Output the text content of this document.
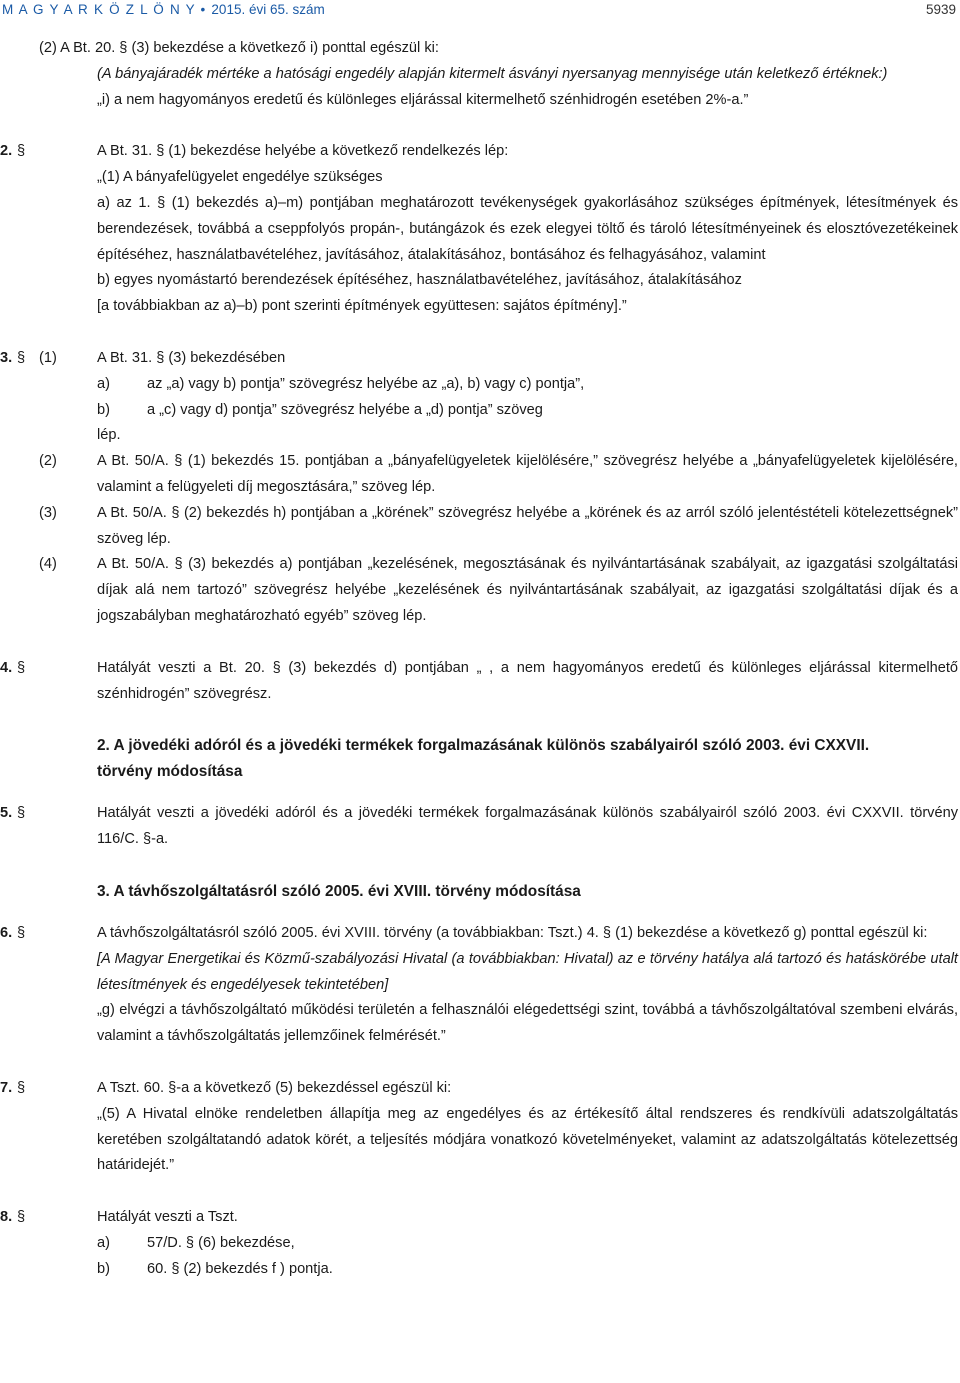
M A G Y A R K Ö Z L Ö N Y • 2015. évi 65. szám	5939

(2) A Bt. 20. § (3) bekezdése a következő i) ponttal egészül ki:

(A bányajáradék mértéke a hatósági engedély alapján kitermelt ásványi nyersanyag mennyisége után keletkező értéknek:)

„i) a nem hagyományos eredetű és különleges eljárással kitermelhető szénhidrogén esetében 2%-a.”

2. §	A Bt. 31. § (1) bekezdése helyébe a következő rendelkezés lép:

„(1) A bányafelügyelet engedélye szükséges

a) az 1. § (1) bekezdés a)–m) pontjában meghatározott tevékenységek gyakorlásához szükséges építmények, létesítmények és berendezések, továbbá a cseppfolyós propán-, butángázok és ezek elegyei töltő és tároló létesítményeinek és elosztóvezetékeinek építéséhez, használatbavételéhez, javításához, átalakításához, bontásához és felhagyásához, valamint

b) egyes nyomástartó berendezések építéséhez, használatbavételéhez, javításához, átalakításához

[a továbbiakban az a)–b) pont szerinti építmények együttesen: sajátos építmény].”

3. § (1)	A Bt. 31. § (3) bekezdésében

a)	az „a) vagy b) pontja” szövegrész helyébe az „a), b) vagy c) pontja”,

b)	a „c) vagy d) pontja” szövegrész helyébe a „d) pontja” szöveg

lép.

(2)	A Bt. 50/A. § (1) bekezdés 15. pontjában a „bányafelügyeletek kijelölésére,” szövegrész helyébe a „bányafelügyeletek kijelölésére, valamint a felügyeleti díj megosztására,” szöveg lép.

(3)	A Bt. 50/A. § (2) bekezdés h) pontjában a „körének” szövegrész helyébe a „körének és az arról szóló jelentéstételi kötelezettségnek” szöveg lép.

(4)	A Bt. 50/A. § (3) bekezdés a) pontjában „kezelésének, megosztásának és nyilvántartásának szabályait, az igazgatási szolgáltatási díjak alá nem tartozó” szövegrész helyébe „kezelésének és nyilvántartásának szabályait, az igazgatási szolgáltatási díjak és a jogszabályban meghatározható egyéb” szöveg lép.

4. §	Hatályát veszti a Bt. 20. § (3) bekezdés d) pontjában „ , a nem hagyományos eredetű és különleges eljárással kitermelhető szénhidrogén” szövegrész.

2. A jövedéki adóról és a jövedéki termékek forgalmazásának különös szabályairól szóló 2003. évi CXXVII. törvény módosítása

5. §	Hatályát veszti a jövedéki adóról és a jövedéki termékek forgalmazásának különös szabályairól szóló 2003. évi CXXVII. törvény 116/C. §-a.

3. A távhőszolgáltatásról szóló 2005. évi XVIII. törvény módosítása

6. §	A távhőszolgáltatásról szóló 2005. évi XVIII. törvény (a továbbiakban: Tszt.) 4. § (1) bekezdése a következő g) ponttal egészül ki:

[A Magyar Energetikai és Közmű-szabályozási Hivatal (a továbbiakban: Hivatal) az e törvény hatálya alá tartozó és hatáskörébe utalt létesítmények és engedélyesek tekintetében]

„g) elvégzi a távhőszolgáltató működési területén a felhasználói elégedettségi szint, továbbá a távhőszolgáltatóval szembeni elvárás, valamint a távhőszolgáltatás jellemzőinek felmérését.”

7. §	A Tszt. 60. §-a a következő (5) bekezdéssel egészül ki:

„(5) A Hivatal elnöke rendeletben állapítja meg az engedélyes és az értékesítő által rendszeres és rendkívüli adatszolgáltatás keretében szolgáltatandó adatok körét, a teljesítés módjára vonatkozó követelményeket, valamint az adatszolgáltatás kötelezettség határidejét.”

8. §	Hatályát veszti a Tszt.

a)	57/D. § (6) bekezdése,

b)	60. § (2) bekezdés f ) pontja.
